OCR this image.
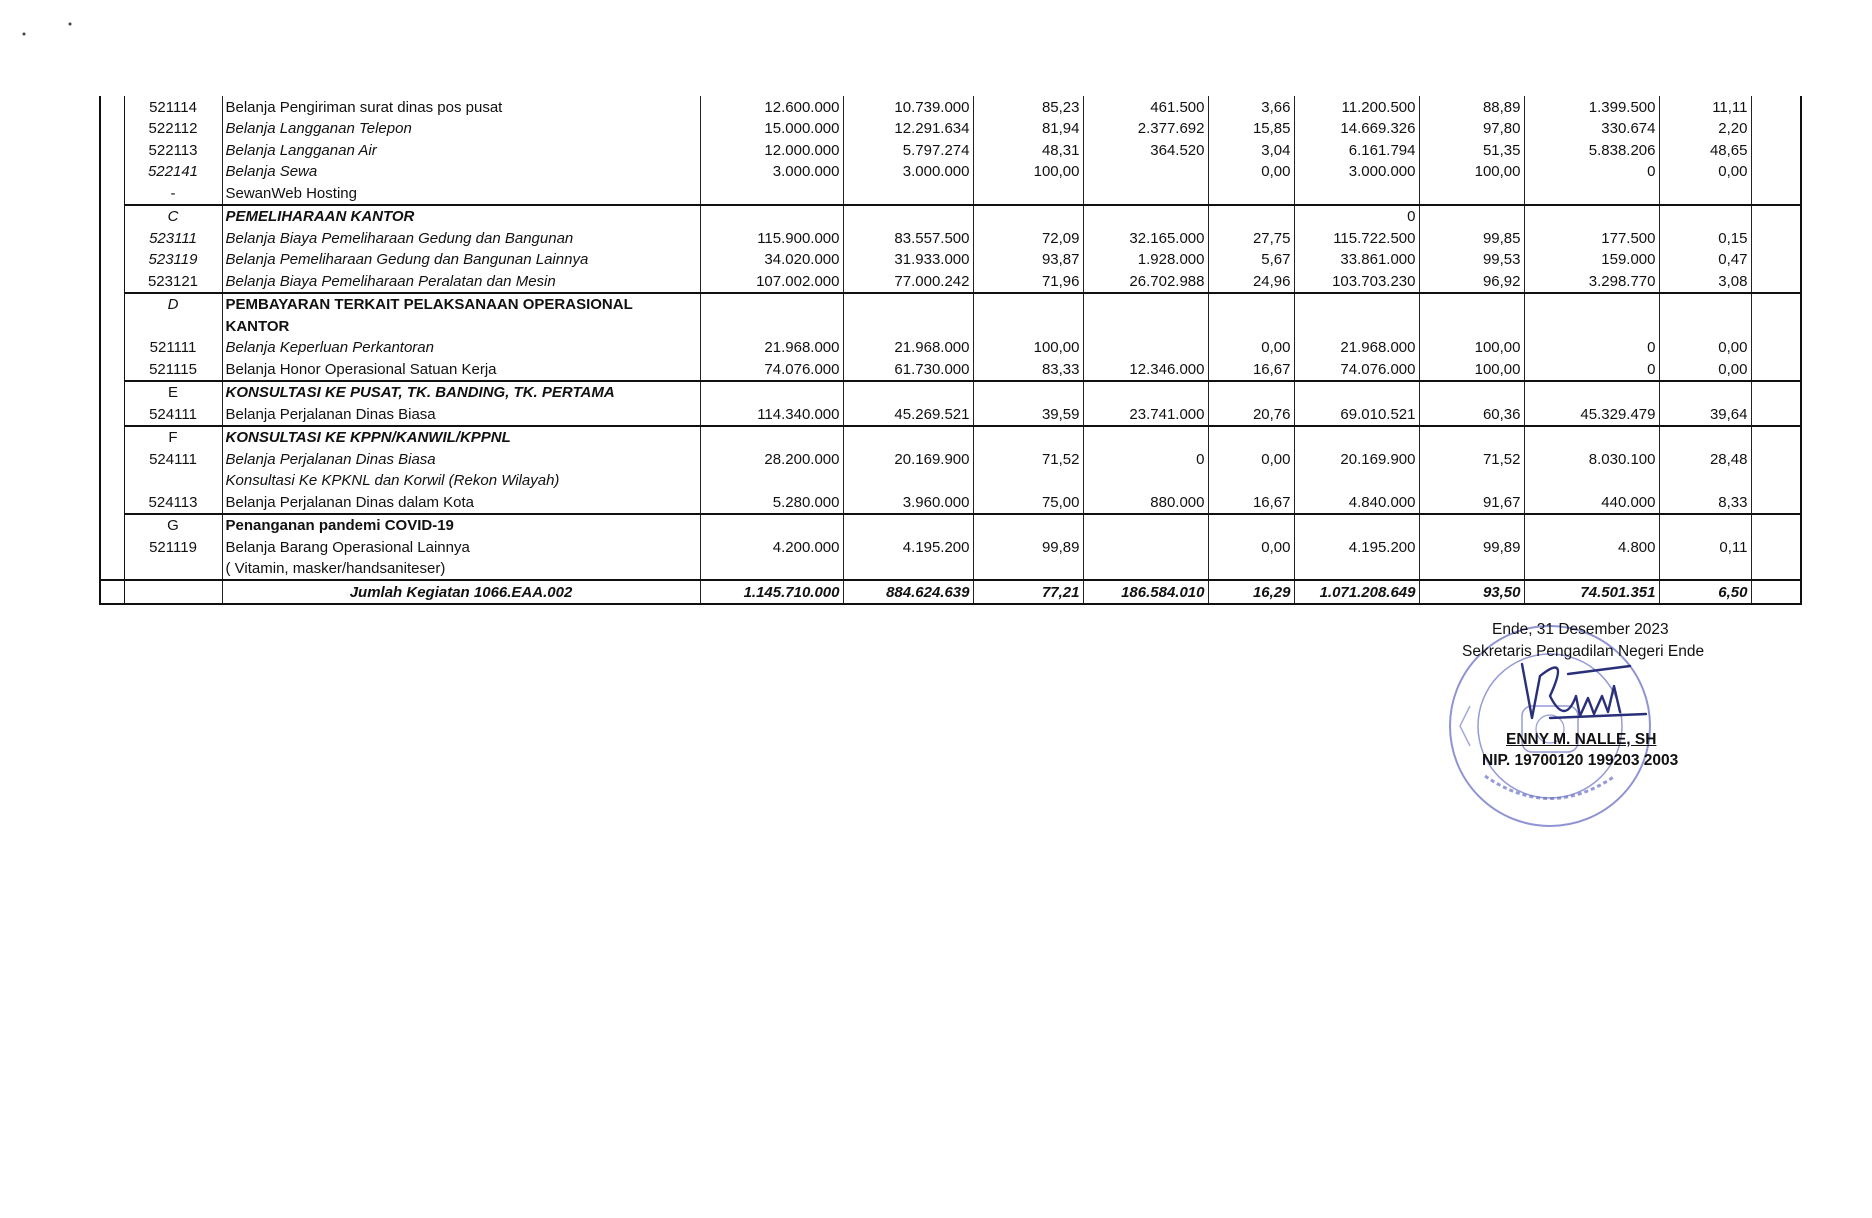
	521114	Belanja Pengiriman surat dinas pos pusat	12.600.000	10.739.000	85,23	461.500	3,66	11.200.500	88,89	1.399.500	11,11	
	522112	Belanja Langganan Telepon	15.000.000	12.291.634	81,94	2.377.692	15,85	14.669.326	97,80	330.674	2,20	
	522113	Belanja Langganan Air	12.000.000	5.797.274	48,31	364.520	3,04	6.161.794	51,35	5.838.206	48,65	
	522141	Belanja Sewa	3.000.000	3.000.000	100,00		0,00	3.000.000	100,00	0	0,00	
	-	SewanWeb Hosting										
	C	PEMELIHARAAN KANTOR						0				
	523111	Belanja Biaya Pemeliharaan Gedung dan Bangunan	115.900.000	83.557.500	72,09	32.165.000	27,75	115.722.500	99,85	177.500	0,15	
	523119	Belanja Pemeliharaan Gedung dan Bangunan Lainnya	34.020.000	31.933.000	93,87	1.928.000	5,67	33.861.000	99,53	159.000	0,47	
	523121	Belanja Biaya Pemeliharaan Peralatan dan Mesin	107.002.000	77.000.242	71,96	26.702.988	24,96	103.703.230	96,92	3.298.770	3,08	
	D	PEMBAYARAN TERKAIT PELAKSANAAN OPERASIONAL										
		KANTOR										
	521111	Belanja Keperluan Perkantoran	21.968.000	21.968.000	100,00		0,00	21.968.000	100,00	0	0,00	
	521115	Belanja Honor Operasional Satuan Kerja	74.076.000	61.730.000	83,33	12.346.000	16,67	74.076.000	100,00	0	0,00	
	E	KONSULTASI KE PUSAT, TK. BANDING, TK. PERTAMA										
	524111	Belanja Perjalanan Dinas Biasa	114.340.000	45.269.521	39,59	23.741.000	20,76	69.010.521	60,36	45.329.479	39,64	
	F	KONSULTASI KE KPPN/KANWIL/KPPNL										
	524111	Belanja Perjalanan Dinas Biasa	28.200.000	20.169.900	71,52	0	0,00	20.169.900	71,52	8.030.100	28,48	
		Konsultasi Ke KPKNL dan Korwil (Rekon Wilayah)										
	524113	Belanja Perjalanan Dinas dalam Kota	5.280.000	3.960.000	75,00	880.000	16,67	4.840.000	91,67	440.000	8,33	
	G	Penanganan pandemi COVID-19										
	521119	Belanja Barang Operasional Lainnya	4.200.000	4.195.200	99,89		0,00	4.195.200	99,89	4.800	0,11	
		( Vitamin, masker/handsaniteser)										
		Jumlah Kegiatan 1066.EAA.002	1.145.710.000	884.624.639	77,21	186.584.010	16,29	1.071.208.649	93,50	74.501.351	6,50	
Ende, 31 Desember 2023
Sekretaris Pengadilan Negeri Ende
ENNY M. NALLE, SH
NIP. 19700120 199203 2003
